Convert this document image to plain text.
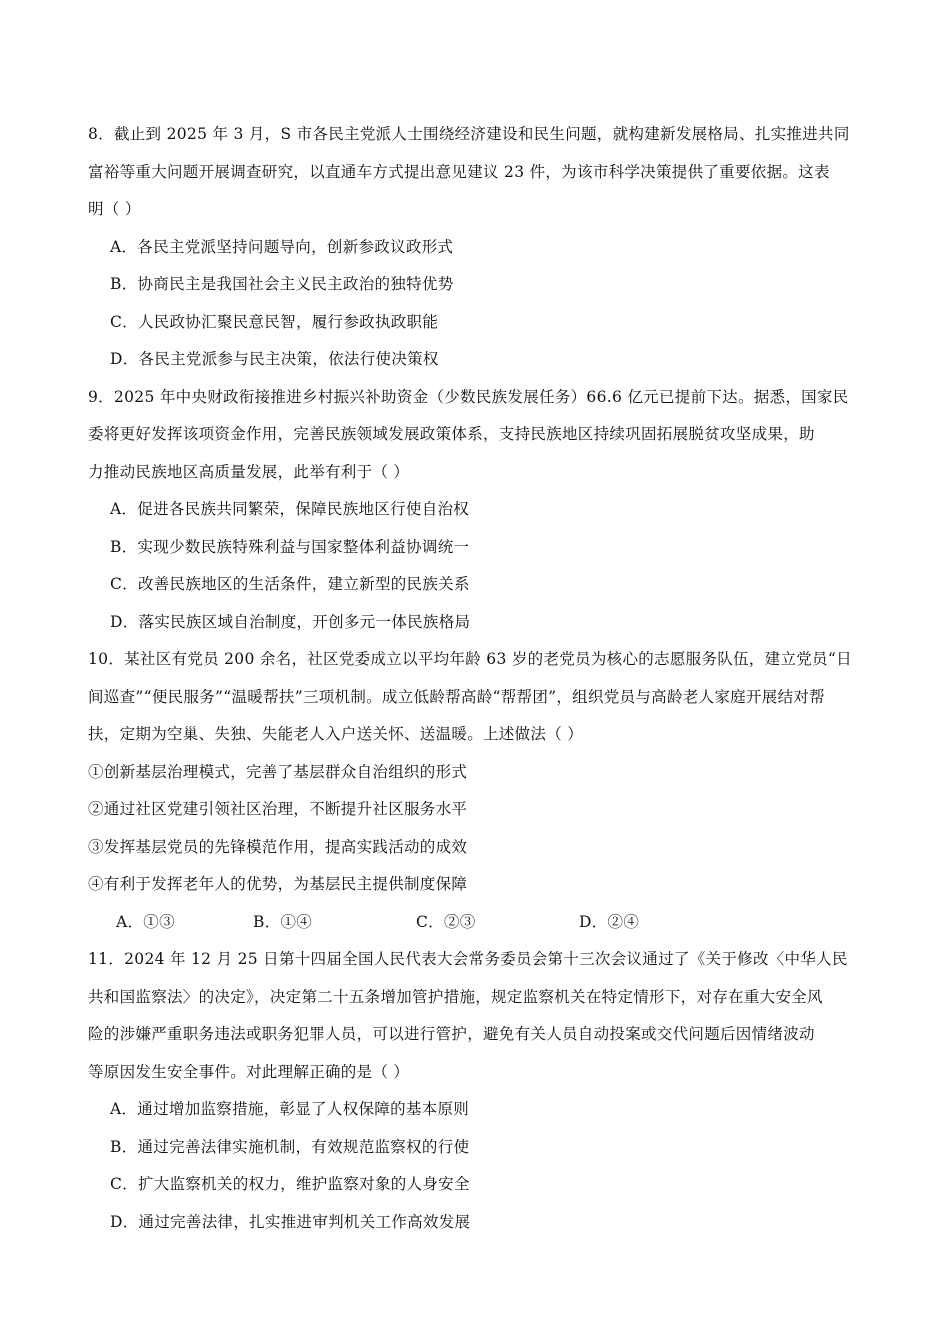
8．截止到 2025 年 3 月，S 市各民主党派人士围绕经济建设和民生问题，就构建新发展格局、扎实推进共同

富裕等重大问题开展调查研究，以直通车方式提出意见建议 23 件，为该市科学决策提供了重要依据。这表

明（ ）

A．各民主党派坚持问题导向，创新参政议政形式

B．协商民主是我国社会主义民主政治的独特优势

C．人民政协汇聚民意民智，履行参政执政职能

D．各民主党派参与民主决策，依法行使决策权

9．2025 年中央财政衔接推进乡村振兴补助资金（少数民族发展任务）66.6 亿元已提前下达。据悉，国家民

委将更好发挥该项资金作用，完善民族领域发展政策体系，支持民族地区持续巩固拓展脱贫攻坚成果，助

力推动民族地区高质量发展，此举有利于（ ）

A．促进各民族共同繁荣，保障民族地区行使自治权

B．实现少数民族特殊利益与国家整体利益协调统一

C．改善民族地区的生活条件，建立新型的民族关系

D．落实民族区域自治制度，开创多元一体民族格局

10．某社区有党员 200 余名，社区党委成立以平均年龄 63 岁的老党员为核心的志愿服务队伍，建立党员“日

间巡查”“便民服务”“温暖帮扶”三项机制。成立低龄帮高龄“帮帮团”，组织党员与高龄老人家庭开展结对帮

扶，定期为空巢、失独、失能老人入户送关怀、送温暖。上述做法（ ）

①创新基层治理模式，完善了基层群众自治组织的形式

②通过社区党建引领社区治理，不断提升社区服务水平

③发挥基层党员的先锋模范作用，提高实践活动的成效

④有利于发挥老年人的优势，为基层民主提供制度保障

A．①③	B．①④	C．②③	D．②④

11．2024 年 12 月 25 日第十四届全国人民代表大会常务委员会第十三次会议通过了《关于修改〈中华人民

共和国监察法〉的决定》，决定第二十五条增加管护措施，规定监察机关在特定情形下，对存在重大安全风

险的涉嫌严重职务违法或职务犯罪人员，可以进行管护，避免有关人员自动投案或交代问题后因情绪波动

等原因发生安全事件。对此理解正确的是（ ）

A．通过增加监察措施，彰显了人权保障的基本原则

B．通过完善法律实施机制，有效规范监察权的行使

C．扩大监察机关的权力，维护监察对象的人身安全

D．通过完善法律，扎实推进审判机关工作高效发展
